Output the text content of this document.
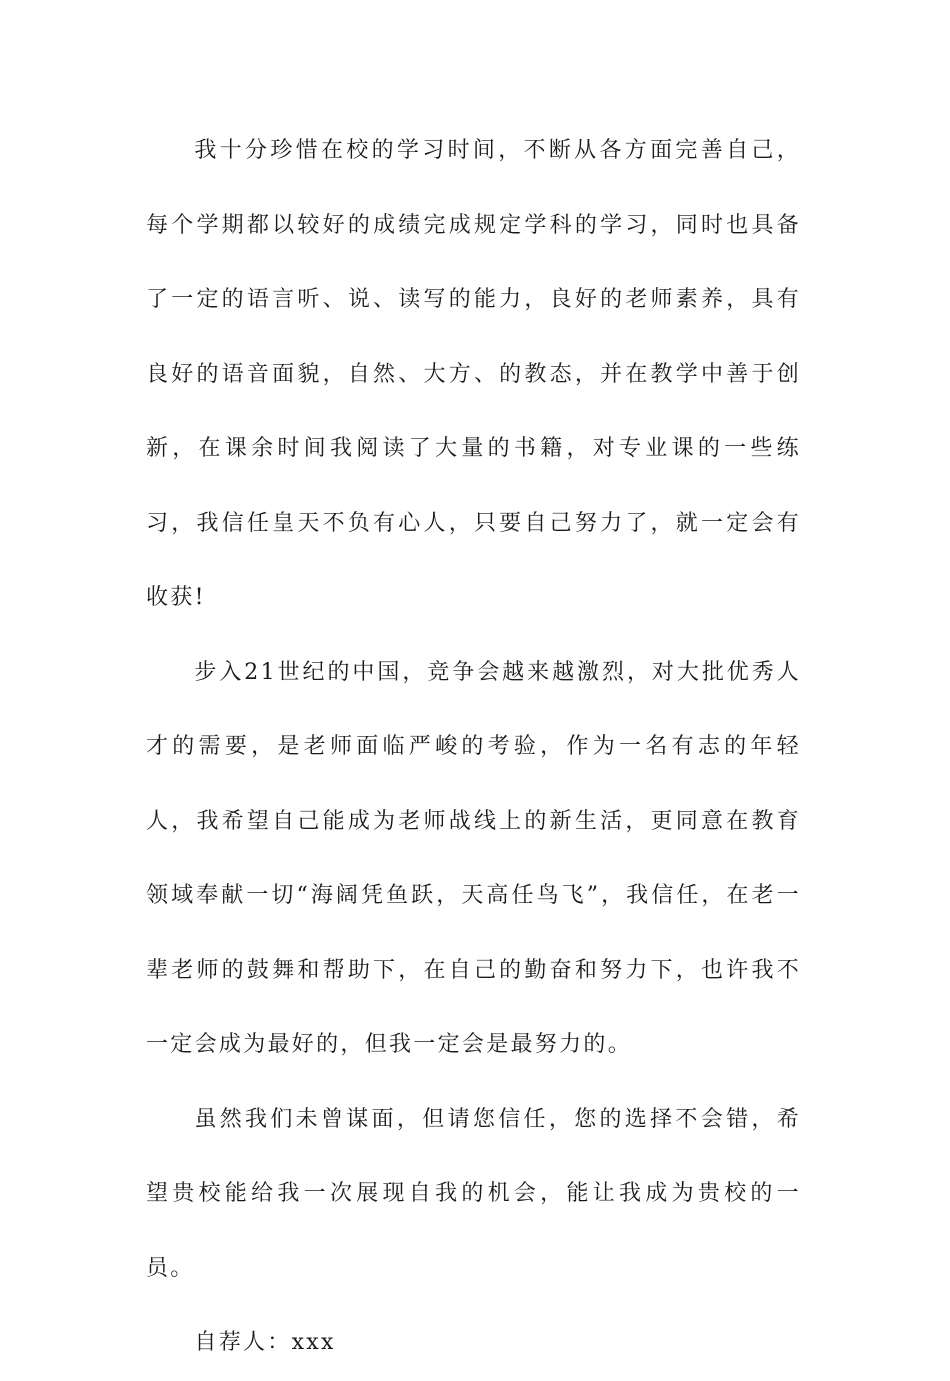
我十分珍惜在校的学习时间，不断从各方面完善自己，每个学期都以较好的成绩完成规定学科的学习，同时也具备了一定的语言听、说、读写的能力，良好的老师素养，具有良好的语音面貌，自然、大方、的教态，并在教学中善于创新，在课余时间我阅读了大量的书籍，对专业课的一些练习，我信任皇天不负有心人，只要自己努力了，就一定会有收获!

步入21世纪的中国，竞争会越来越激烈，对大批优秀人才的需要，是老师面临严峻的考验，作为一名有志的年轻人，我希望自己能成为老师战线上的新生活，更同意在教育领域奉献一切“海阔凭鱼跃，天高任鸟飞”，我信任，在老一辈老师的鼓舞和帮助下，在自己的勤奋和努力下，也许我不一定会成为最好的，但我一定会是最努力的。

虽然我们未曾谋面，但请您信任，您的选择不会错，希望贵校能给我一次展现自我的机会，能让我成为贵校的一员。

自荐人：xxx
